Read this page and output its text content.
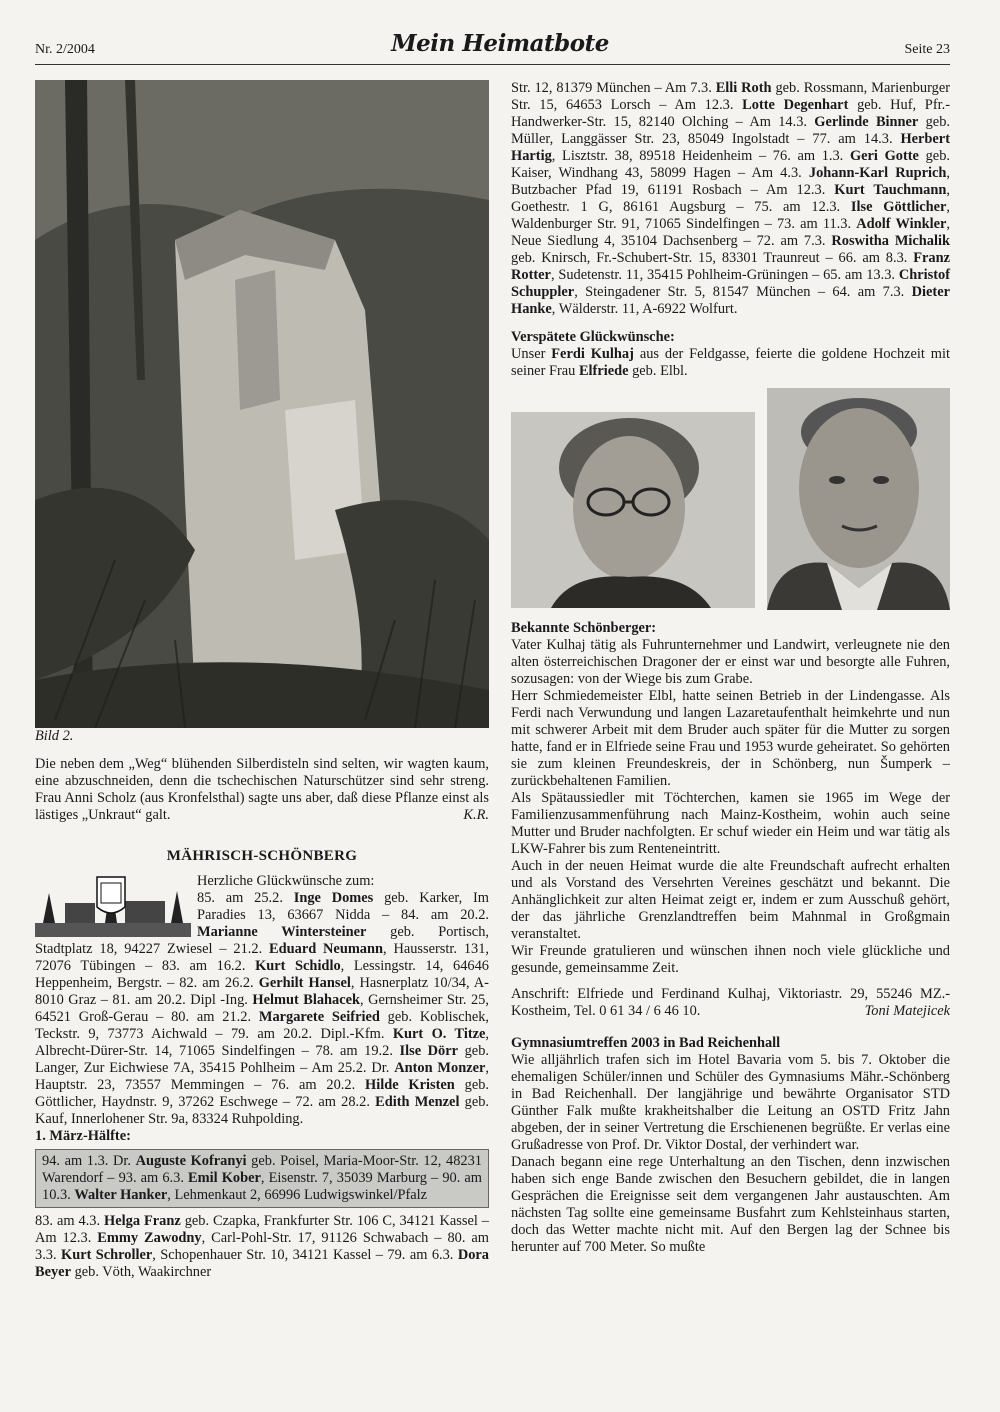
Nr. 2/2004	Mein Heimatbote	Seite 23

Bild 2.

Die neben dem „Weg“ blühenden Silberdisteln sind selten, wir wagten kaum, eine abzuschneiden, denn die tschechischen Naturschützer sind sehr streng. Frau Anni Scholz (aus Kronfelsthal) sagte uns aber, daß diese Pflanze einst als lästiges „Unkraut“ galt.	K.R.

MÄHRISCH-SCHÖNBERG

Herzliche Glückwünsche zum:

85. am 25.2. Inge Domes geb. Karker, Im Paradies 13, 63667 Nidda – 84. am 20.2. Marianne Wintersteiner geb. Portisch, Stadtplatz 18, 94227 Zwiesel – 21.2. Eduard Neumann, Hausserstr. 131, 72076 Tübingen – 83. am 16.2. Kurt Schidlo, Lessingstr. 14, 64646 Heppenheim, Bergstr. – 82. am 26.2. Gerhilt Hansel, Hasnerplatz 10/34, A-8010 Graz – 81. am 20.2. Dipl -Ing. Helmut Blahacek, Gernsheimer Str. 25, 64521 Groß-Gerau – 80. am 21.2. Margarete Seifried geb. Koblischek, Teckstr. 9, 73773 Aichwald – 79. am 20.2. Dipl.-Kfm. Kurt O. Titze, Albrecht-Dürer-Str. 14, 71065 Sindelfingen – 78. am 19.2. Ilse Dörr geb. Langer, Zur Eichwiese 7A, 35415 Pohlheim – Am 25.2. Dr. Anton Monzer, Hauptstr. 23, 73557 Memmingen – 76. am 20.2. Hilde Kristen geb. Göttlicher, Haydnstr. 9, 37262 Eschwege – 72. am 28.2. Edith Menzel geb. Kauf, Innerlohener Str. 9a, 83324 Ruhpolding.

1. März-Hälfte:

94. am 1.3. Dr. Auguste Kofranyi geb. Poisel, Maria-Moor-Str. 12, 48231 Warendorf – 93. am 6.3. Emil Kober, Eisenstr. 7, 35039 Marburg – 90. am 10.3. Walter Hanker, Lehmenkaut 2, 66996 Ludwigswinkel/Pfalz

83. am 4.3. Helga Franz geb. Czapka, Frankfurter Str. 106 C, 34121 Kassel – Am 12.3. Emmy Zawodny, Carl-Pohl-Str. 17, 91126 Schwabach – 80. am 3.3. Kurt Schroller, Schopenhauer Str. 10, 34121 Kassel – 79. am 6.3. Dora Beyer geb. Vöth, Waakirchner

Str. 12, 81379 München – Am 7.3. Elli Roth geb. Rossmann, Marienburger Str. 15, 64653 Lorsch – Am 12.3. Lotte Degenhart geb. Huf, Pfr.-Handwerker-Str. 15, 82140 Olching – Am 14.3. Gerlinde Binner geb. Müller, Langgässer Str. 23, 85049 Ingolstadt – 77. am 14.3. Herbert Hartig, Lisztstr. 38, 89518 Heidenheim – 76. am 1.3. Geri Gotte geb. Kaiser, Windhang 43, 58099 Hagen – Am 4.3. Johann-Karl Ruprich, Butzbacher Pfad 19, 61191 Rosbach – Am 12.3. Kurt Tauchmann, Goethestr. 1 G, 86161 Augsburg – 75. am 12.3. Ilse Göttlicher, Waldenburger Str. 91, 71065 Sindelfingen – 73. am 11.3. Adolf Winkler, Neue Siedlung 4, 35104 Dachsenberg – 72. am 7.3. Roswitha Michalik geb. Knirsch, Fr.-Schubert-Str. 15, 83301 Traunreut – 66. am 8.3. Franz Rotter, Sudetenstr. 11, 35415 Pohlheim-Grüningen – 65. am 13.3. Christof Schuppler, Steingadener Str. 5, 81547 München – 64. am 7.3. Dieter Hanke, Wälderstr. 11, A-6922 Wolfurt.

Verspätete Glückwünsche:

Unser Ferdi Kulhaj aus der Feldgasse, feierte die goldene Hochzeit mit seiner Frau Elfriede geb. Elbl.

Bekannte Schönberger:

Vater Kulhaj tätig als Fuhrunternehmer und Landwirt, verleugnete nie den alten österreichischen Dragoner der er einst war und besorgte alle Fuhren, sozusagen: von der Wiege bis zum Grabe.

Herr Schmiedemeister Elbl, hatte seinen Betrieb in der Lindengasse. Als Ferdi nach Verwundung und langen Lazaretaufenthalt heimkehrte und nun mit schwerer Arbeit mit dem Bruder auch später für die Mutter zu sorgen hatte, fand er in Elfriede seine Frau und 1953 wurde geheiratet. So gehörten sie zum kleinen Freundeskreis, der in Schönberg, nun Šumperk – zurückbehaltenen Familien.

Als Spätaussiedler mit Töchterchen, kamen sie 1965 im Wege der Familienzusammenführung nach Mainz-Kostheim, wohin auch seine Mutter und Bruder nachfolgten. Er schuf wieder ein Heim und war tätig als LKW-Fahrer bis zum Renteneintritt.

Auch in der neuen Heimat wurde die alte Freundschaft aufrecht erhalten und als Vorstand des Versehrten Vereines geschätzt und bekannt. Die Anhänglichkeit zur alten Heimat zeigt er, indem er zum Ausschuß gehört, der das jährliche Grenzlandtreffen beim Mahnmal in Großgmain veranstaltet.

Wir Freunde gratulieren und wünschen ihnen noch viele glückliche und gesunde, gemeinsamme Zeit.

Anschrift: Elfriede und Ferdinand Kulhaj, Viktoriastr. 29, 55246 MZ.-Kostheim, Tel. 0 61 34 / 6 46 10.	Toni Matejicek

Gymnasiumtreffen 2003 in Bad Reichenhall

Wie alljährlich trafen sich im Hotel Bavaria vom 5. bis 7. Oktober die ehemaligen Schüler/innen und Schüler des Gymnasiums Mähr.-Schönberg in Bad Reichenhall. Der langjährige und bewährte Organisator STD Günther Falk mußte krakheitshalber die Leitung an OSTD Fritz Jahn abgeben, der in seiner Vertretung die Erschienenen begrüßte. Er verlas eine Grußadresse von Prof. Dr. Viktor Dostal, der verhindert war.

Danach begann eine rege Unterhaltung an den Tischen, denn inzwischen haben sich enge Bande zwischen den Besuchern gebildet, die in langen Gesprächen die Ereignisse seit dem vergangenen Jahr austauschten. Am nächsten Tag sollte eine gemeinsame Busfahrt zum Kehlsteinhaus starten, doch das Wetter machte nicht mit. Auf den Bergen lag der Schnee bis herunter auf 700 Meter. So mußte
